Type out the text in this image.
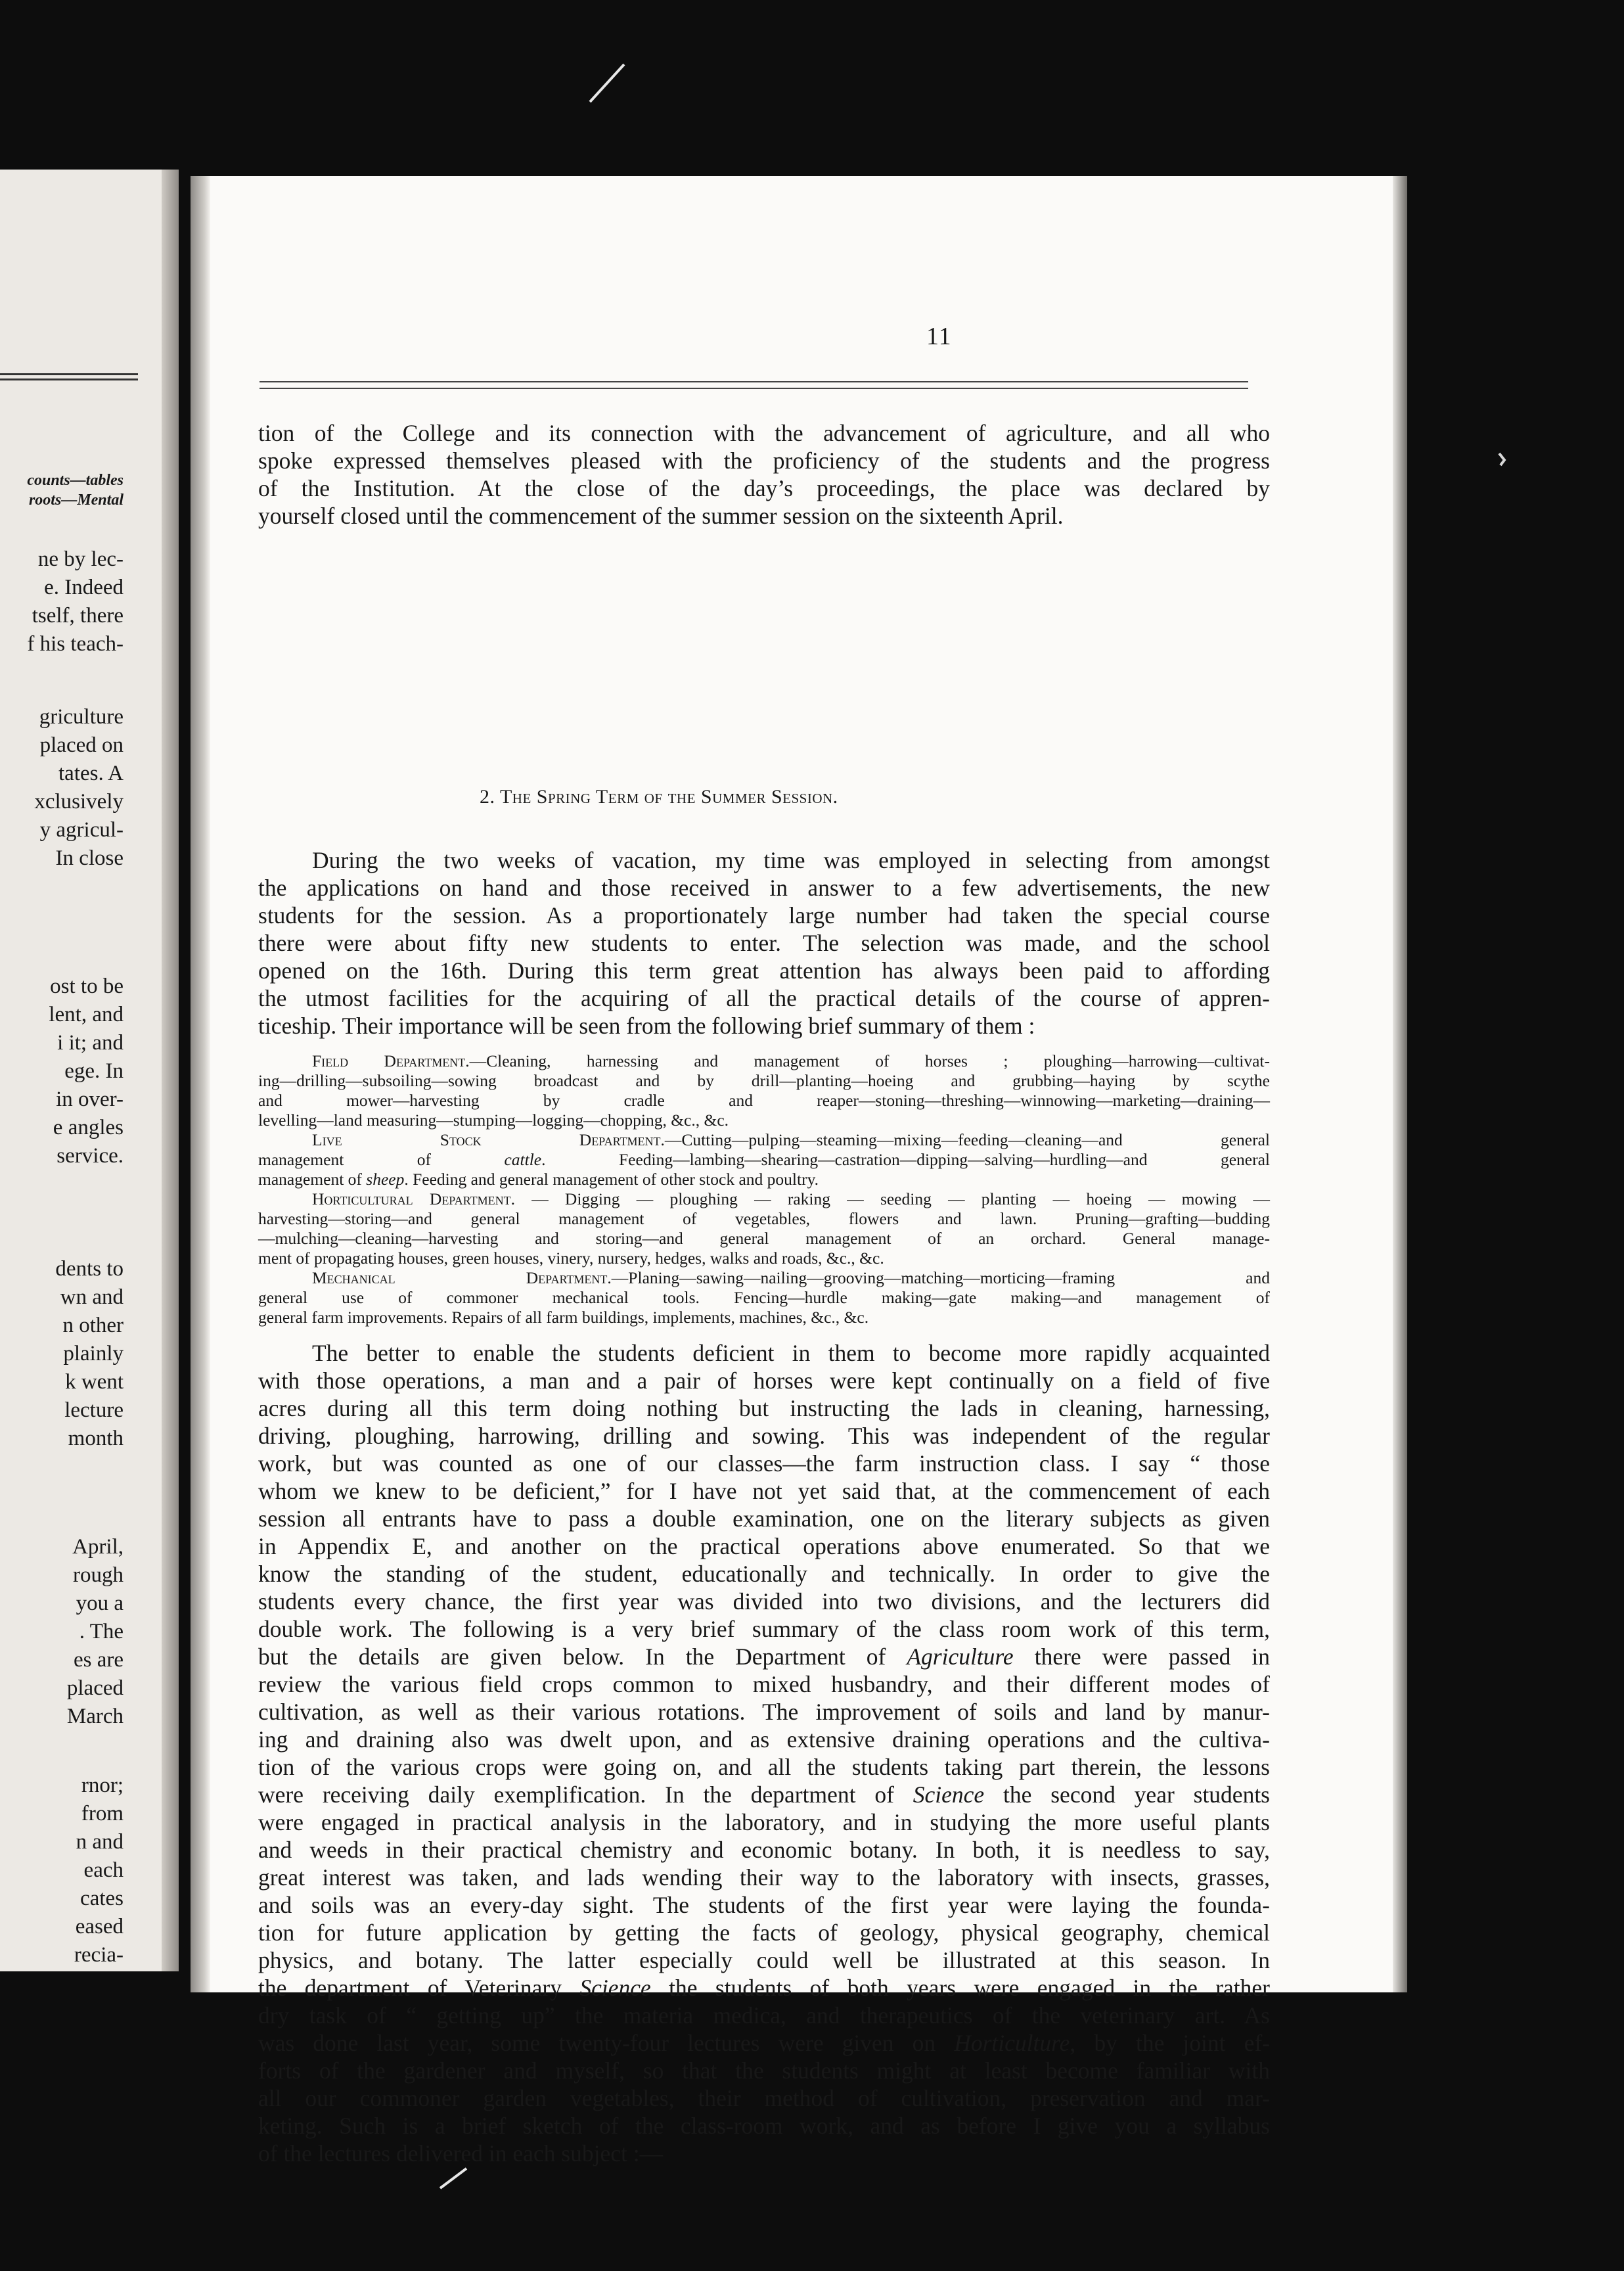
counts—tables
roots—Mental
ne by lec-
e. Indeed
tself, there
f his teach-
griculture
placed on
tates. A
xclusively
y agricul-
In close
ost to be
lent, and
i it; and
ege. In
in over-
e angles
service.
dents to
wn and
n other
plainly
k went
lecture
month
April,
rough
you a
. The
es are
placed
March
rnor;
from
n and
each
cates
eased
recia-
11
tion of the College and its connection with the advancement of agriculture, and all who
spoke expressed themselves pleased with the proficiency of the students and the progress
of the Institution. At the close of the day’s proceedings, the place was declared by
yourself closed until the commencement of the summer session on the sixteenth April.
2. The Spring Term of the Summer Session.
During the two weeks of vacation, my time was employed in selecting from amongst
the applications on hand and those received in answer to a few advertisements, the new
students for the session. As a proportionately large number had taken the special course
there were about fifty new students to enter. The selection was made, and the school
opened on the 16th. During this term great attention has always been paid to affording
the utmost facilities for the acquiring of all the practical details of the course of appren-
ticeship. Their importance will be seen from the following brief summary of them :
Field Department.—Cleaning, harnessing and management of horses ; ploughing—harrowing—cultivat-
ing—drilling—subsoiling—sowing broadcast and by drill—planting—hoeing and grubbing—haying by scythe
and mower—harvesting by cradle and reaper—stoning—threshing—winnowing—marketing—draining—
levelling—land measuring—stumping—logging—chopping, &c., &c.
Live Stock Department.—Cutting—pulping—steaming—mixing—feeding—cleaning—and general
management of cattle. Feeding—lambing—shearing—castration—dipping—salving—hurdling—and general
management of sheep. Feeding and general management of other stock and poultry.
Horticultural Department. — Digging — ploughing — raking — seeding — planting — hoeing — mowing —
harvesting—storing—and general management of vegetables, flowers and lawn. Pruning—grafting—budding
—mulching—cleaning—harvesting and storing—and general management of an orchard. General manage-
ment of propagating houses, green houses, vinery, nursery, hedges, walks and roads, &c., &c.
Mechanical Department.—Planing—sawing—nailing—grooving—matching—morticing—framing and
general use of commoner mechanical tools. Fencing—hurdle making—gate making—and management of
general farm improvements. Repairs of all farm buildings, implements, machines, &c., &c.
The better to enable the students deficient in them to become more rapidly acquainted
with those operations, a man and a pair of horses were kept continually on a field of five
acres during all this term doing nothing but instructing the lads in cleaning, harnessing,
driving, ploughing, harrowing, drilling and sowing. This was independent of the regular
work, but was counted as one of our classes—the farm instruction class. I say “ those
whom we knew to be deficient,” for I have not yet said that, at the commencement of each
session all entrants have to pass a double examination, one on the literary subjects as given
in Appendix E, and another on the practical operations above enumerated. So that we
know the standing of the student, educationally and technically. In order to give the
students every chance, the first year was divided into two divisions, and the lecturers did
double work. The following is a very brief summary of the class room work of this term,
but the details are given below. In the Department of Agriculture there were passed in
review the various field crops common to mixed husbandry, and their different modes of
cultivation, as well as their various rotations. The improvement of soils and land by manur-
ing and draining also was dwelt upon, and as extensive draining operations and the cultiva-
tion of the various crops were going on, and all the students taking part therein, the lessons
were receiving daily exemplification. In the department of Science the second year students
were engaged in practical analysis in the laboratory, and in studying the more useful plants
and weeds in their practical chemistry and economic botany. In both, it is needless to say,
great interest was taken, and lads wending their way to the laboratory with insects, grasses,
and soils was an every-day sight. The students of the first year were laying the founda-
tion for future application by getting the facts of geology, physical geography, chemical
physics, and botany. The latter especially could well be illustrated at this season. In
the department of Veterinary Science the students of both years were engaged in the rather
dry task of “ getting up” the materia medica, and therapeutics of the veterinary art. As
was done last year, some twenty-four lectures were given on Horticulture, by the joint ef-
forts of the gardener and myself, so that the students might at least become familiar with
all our commoner garden vegetables, their method of cultivation, preservation and mar-
keting. Such is a brief sketch of the class-room work, and as before I give you a syllabus
of the lectures delivered in each subject :—
